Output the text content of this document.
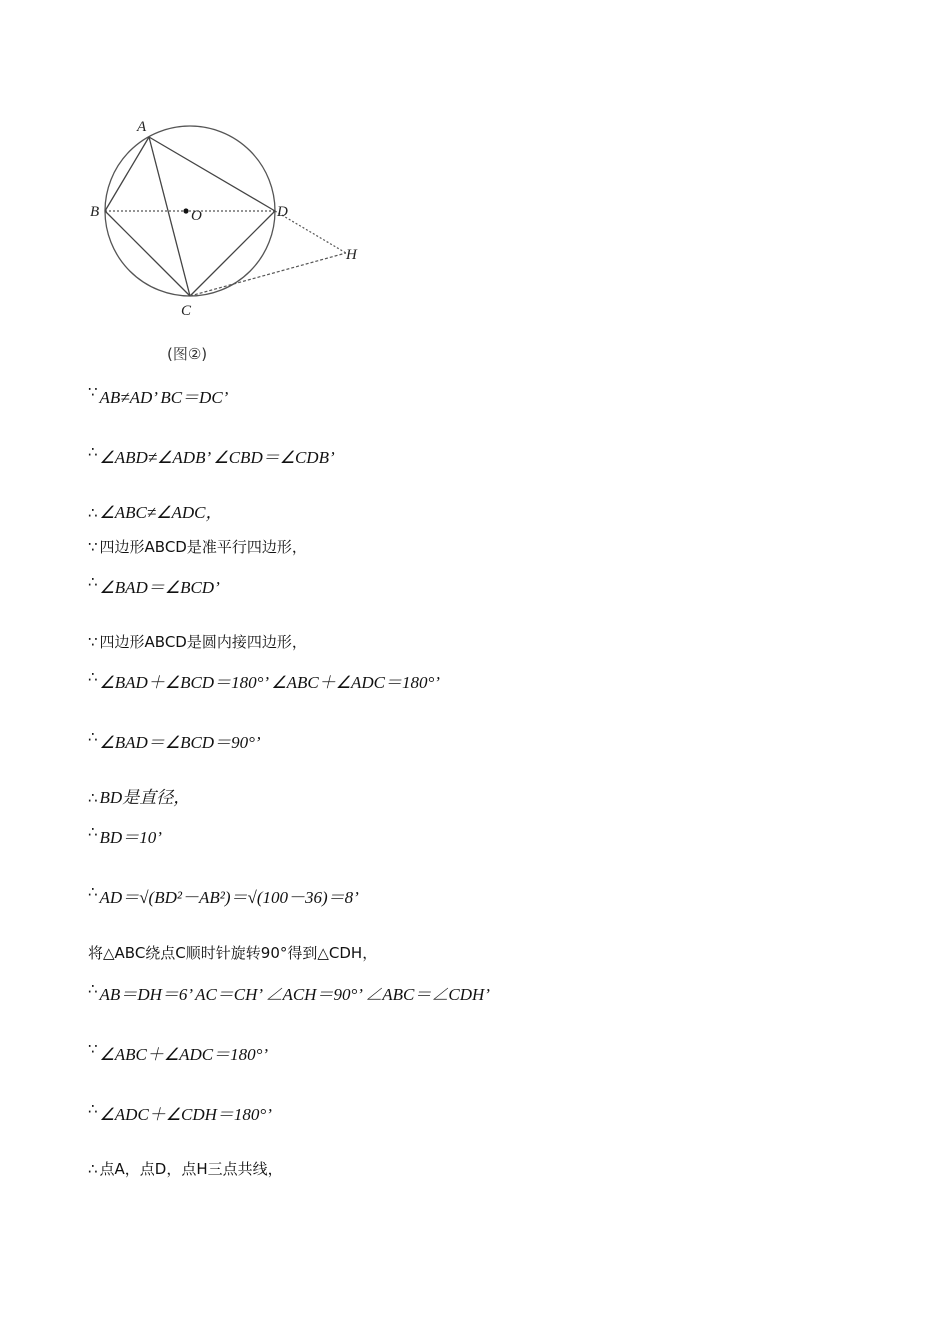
A
B	O	D
H
C
(图②)
∵ AB≠AD’ BC＝DC’
∴ ∠ABD≠∠ADB’ ∠CBD＝∠CDB’
∴ ∠ABC≠∠ADC，
∵ 四边形ABCD是准平行四边形，
∴ ∠BAD＝∠BCD’
∵ 四边形ABCD是圆内接四边形，
∴ ∠BAD＋∠BCD＝180°’ ∠ABC＋∠ADC＝180°’
∴ ∠BAD＝∠BCD＝90°’
∴ BD是直径，
∴ BD＝10’
∴ AD＝√(BD²－AB²)＝√(100－36)＝8’
将△ABC绕点C顺时针旋转90°得到△CDH，
∴ AB＝DH＝6’ AC＝CH’ ∠ACH＝90°’ ∠ABC＝∠CDH’
∵ ∠ABC＋∠ADC＝180°’
∴ ∠ADC＋∠CDH＝180°’
∴ 点A，点D，点H三点共线，
